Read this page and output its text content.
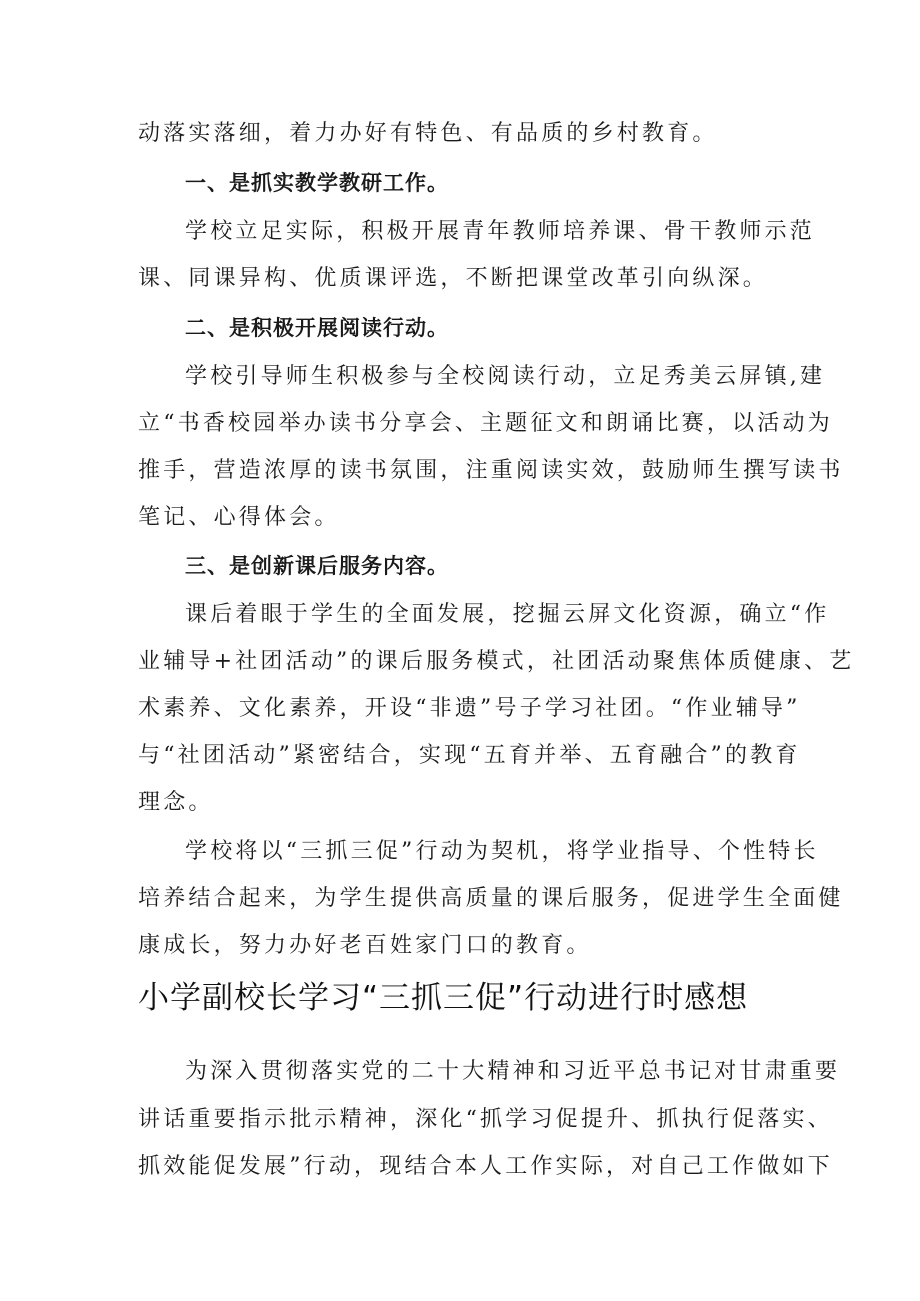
动落实落细，着力办好有特色、有品质的乡村教育。
一、是抓实教学教研工作。
学校立足实际，积极开展青年教师培养课、骨干教师示范
课、同课异构、优质课评选，不断把课堂改革引向纵深。
二、是积极开展阅读行动。
学校引导师生积极参与全校阅读行动，立足秀美云屏镇,建
立“书香校园举办读书分享会、主题征文和朗诵比赛，以活动为
推手，营造浓厚的读书氛围，注重阅读实效，鼓励师生撰写读书
笔记、心得体会。
三、是创新课后服务内容。
课后着眼于学生的全面发展，挖掘云屏文化资源，确立“作
业辅导+社团活动”的课后服务模式，社团活动聚焦体质健康、艺
术素养、文化素养，开设“非遗”号子学习社团。“作业辅导”
与“社团活动”紧密结合，实现“五育并举、五育融合”的教育
理念。
学校将以“三抓三促”行动为契机，将学业指导、个性特长
培养结合起来，为学生提供高质量的课后服务，促进学生全面健
康成长，努力办好老百姓家门口的教育。
小学副校长学习“三抓三促”行动进行时感想
为深入贯彻落实党的二十大精神和习近平总书记对甘肃重要
讲话重要指示批示精神，深化“抓学习促提升、抓执行促落实、
抓效能促发展”行动，现结合本人工作实际，对自己工作做如下
